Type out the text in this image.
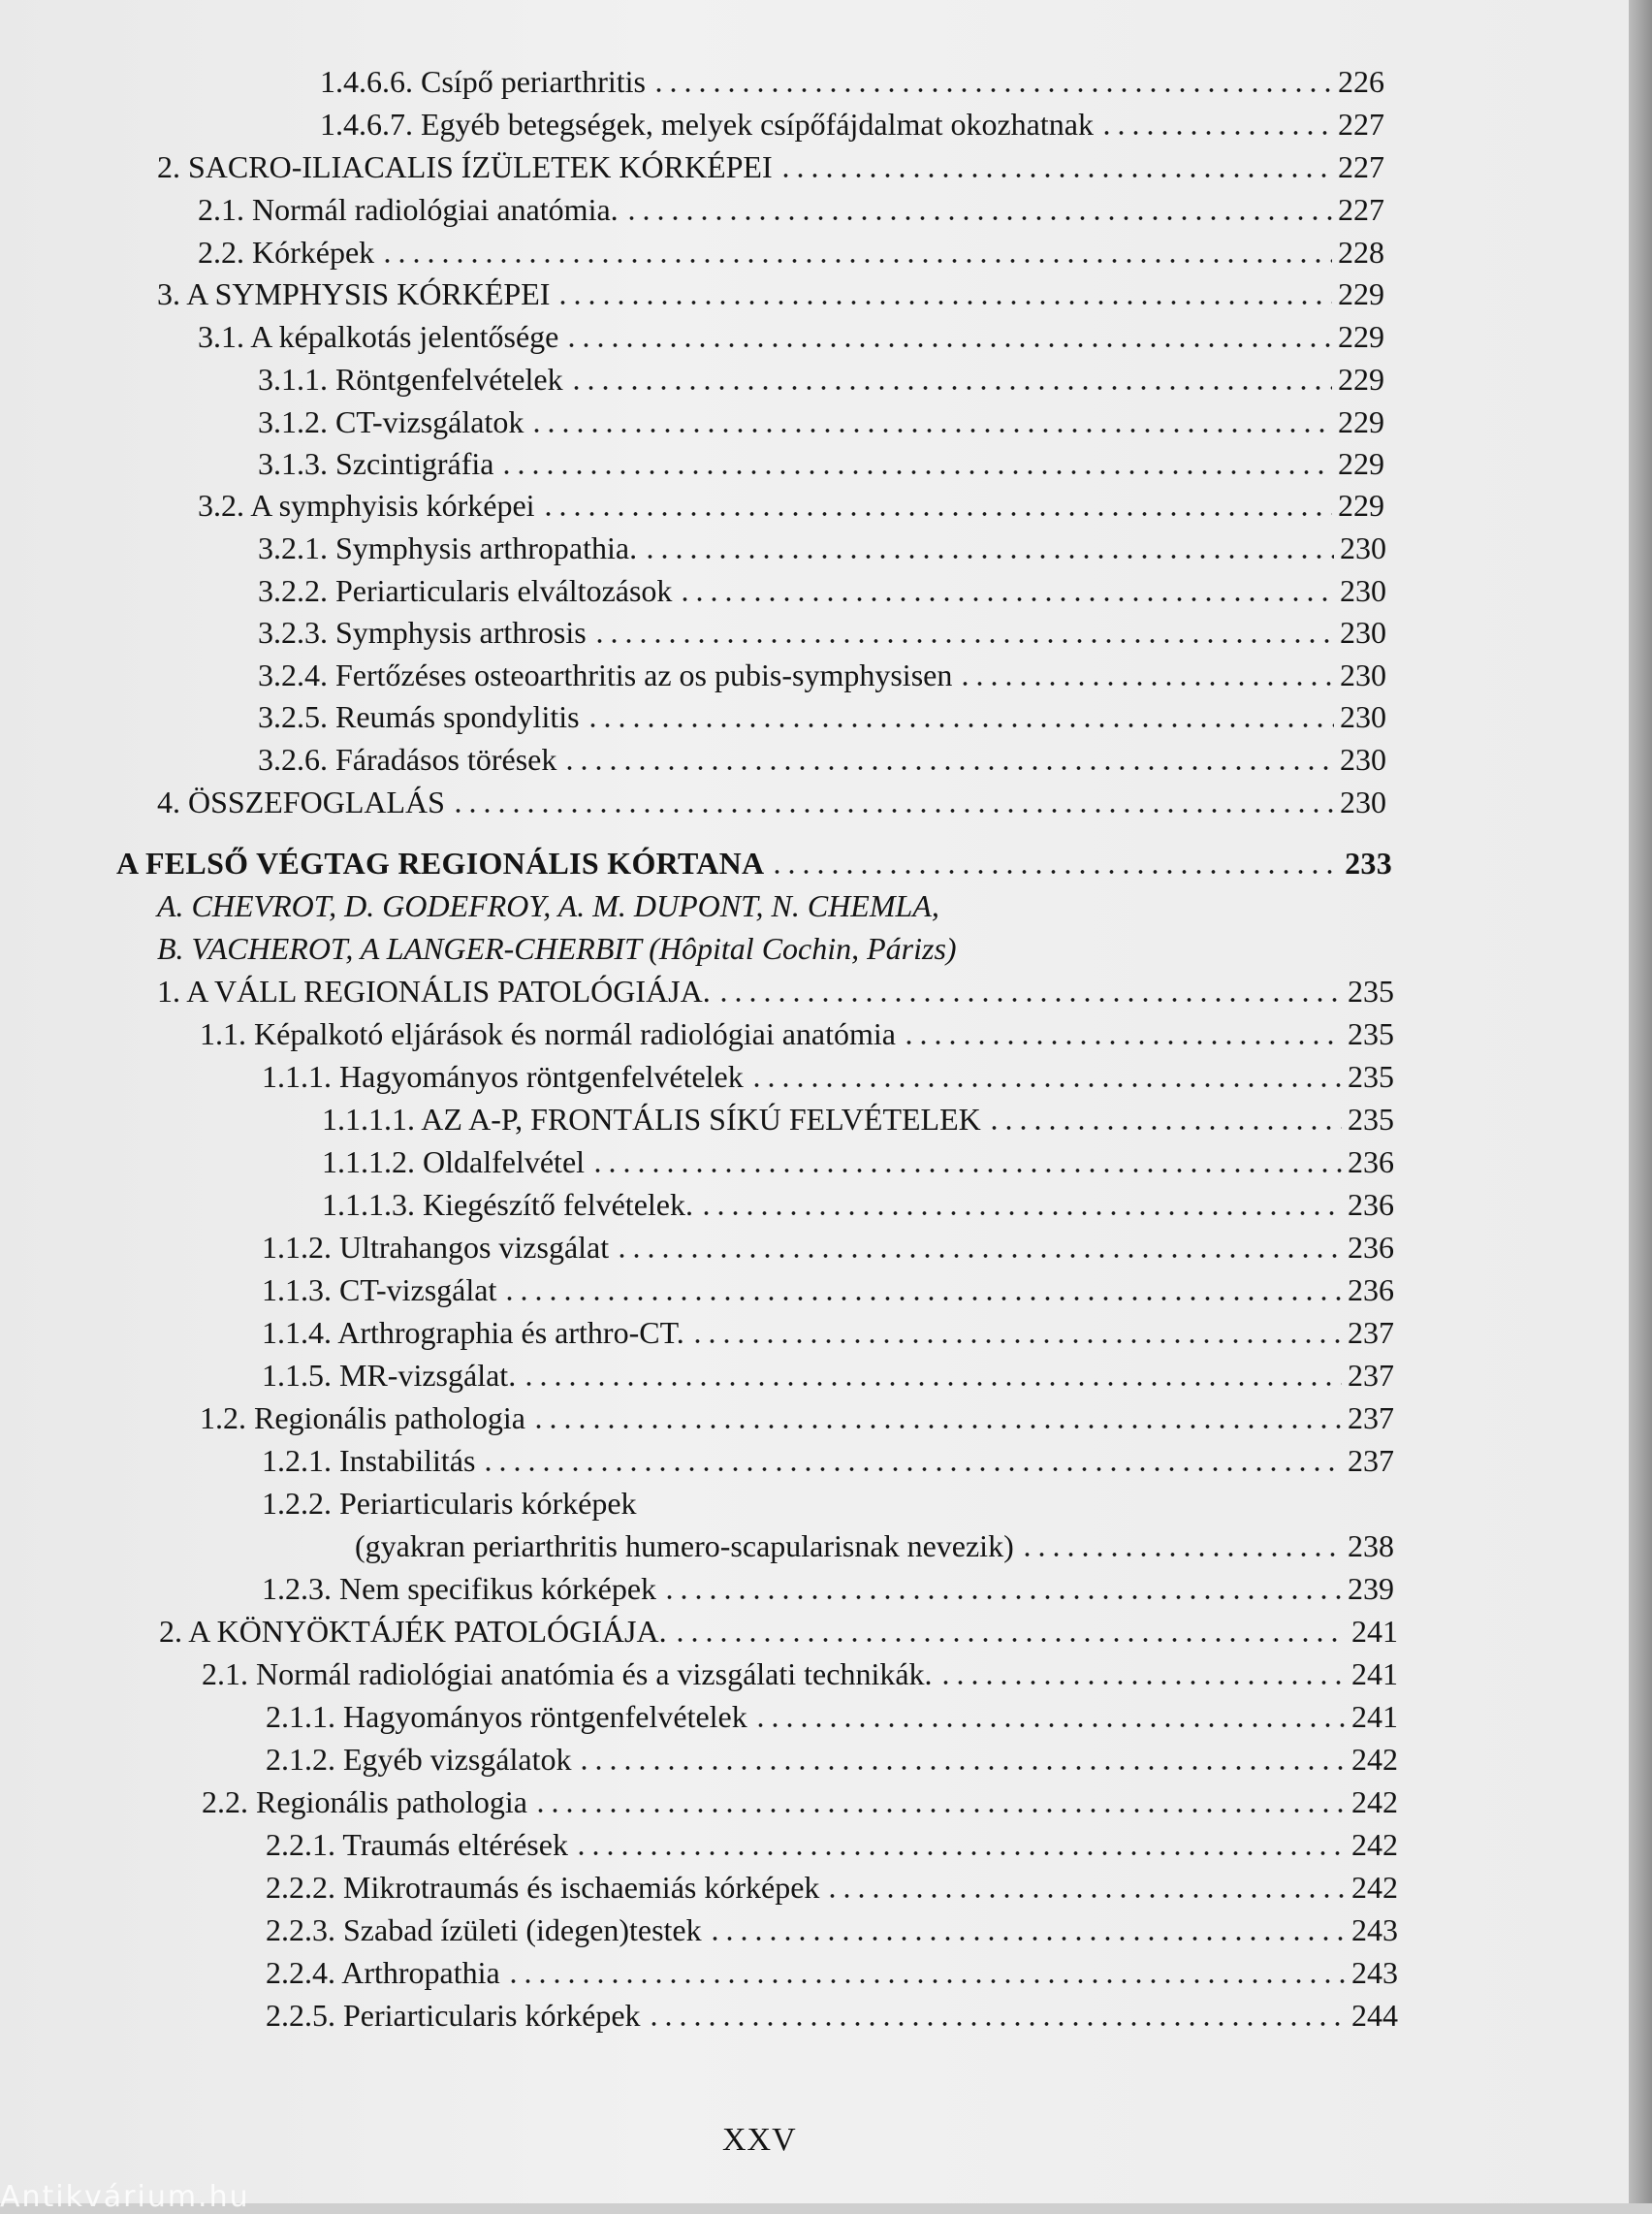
1.4.6.6. Csípő periarthritis	226
1.4.6.7. Egyéb betegségek, melyek csípőfájdalmat okozhatnak	227
2. SACRO-ILIACALIS ÍZÜLETEK KÓRKÉPEI	227
2.1. Normál radiológiai anatómia.	227
2.2. Kórképek	228
3. A SYMPHYSIS KÓRKÉPEI	229
3.1. A képalkotás jelentősége	229
3.1.1. Röntgenfelvételek	229
3.1.2. CT-vizsgálatok	229
3.1.3. Szcintigráfia	229
3.2. A symphyisis kórképei	229
3.2.1. Symphysis arthropathia.	230
3.2.2. Periarticularis elváltozások	230
3.2.3. Symphysis arthrosis	230
3.2.4. Fertőzéses osteoarthritis az os pubis-symphysisen	230
3.2.5. Reumás spondylitis	230
3.2.6. Fáradásos törések	230
4. ÖSSZEFOGLALÁS	230
A FELSŐ VÉGTAG REGIONÁLIS KÓRTANA	233
A. CHEVROT, D. GODEFROY, A. M. DUPONT, N. CHEMLA,
B. VACHEROT, A LANGER-CHERBIT (Hôpital Cochin, Párizs)
1. A VÁLL REGIONÁLIS PATOLÓGIÁJA.	235
1.1. Képalkotó eljárások és normál radiológiai anatómia	235
1.1.1. Hagyományos röntgenfelvételek	235
1.1.1.1. AZ A-P, FRONTÁLIS SÍKÚ FELVÉTELEK	235
1.1.1.2. Oldalfelvétel	236
1.1.1.3. Kiegészítő felvételek.	236
1.1.2. Ultrahangos vizsgálat	236
1.1.3. CT-vizsgálat	236
1.1.4. Arthrographia és arthro-CT.	237
1.1.5. MR-vizsgálat.	237
1.2. Regionális pathologia	237
1.2.1. Instabilitás	237
1.2.2. Periarticularis kórképek
(gyakran periarthritis humero-scapularisnak nevezik)	238
1.2.3. Nem specifikus kórképek	239
2. A KÖNYÖKTÁJÉK PATOLÓGIÁJA.	241
2.1. Normál radiológiai anatómia és a vizsgálati technikák.	241
2.1.1. Hagyományos röntgenfelvételek	241
2.1.2. Egyéb vizsgálatok	242
2.2. Regionális pathologia	242
2.2.1. Traumás eltérések	242
2.2.2. Mikrotraumás és ischaemiás kórképek	242
2.2.3. Szabad ízületi (idegen)testek	243
2.2.4. Arthropathia	243
2.2.5. Periarticularis kórképek	244
XXV
Antikvárium.hu
